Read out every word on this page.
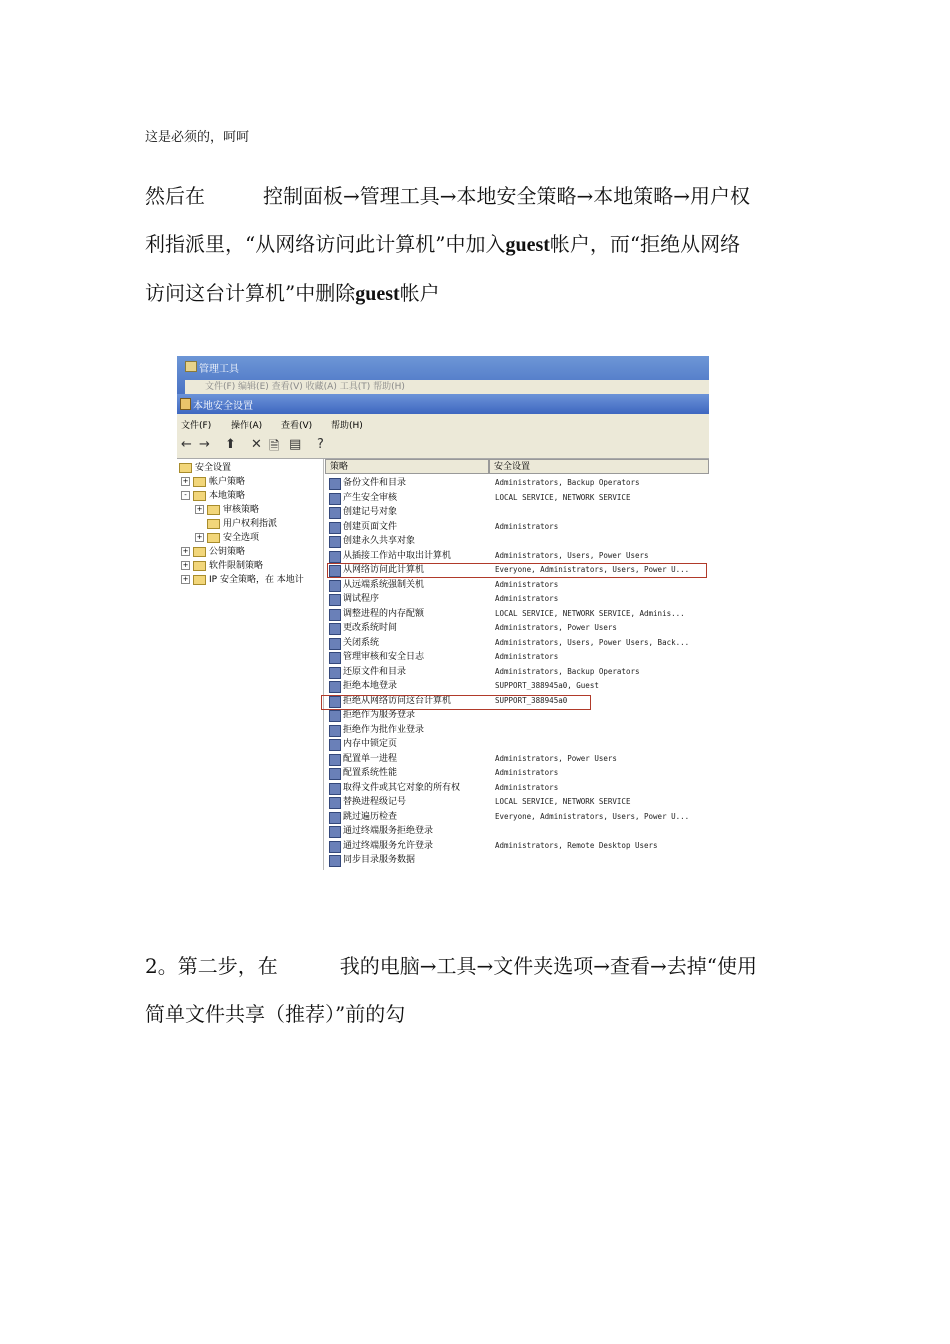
这是必须的，呵呵
然后在	控制面板→管理工具→本地安全策略→本地策略→用户权
利指派里，“从网络访问此计算机”中加入guest帐户，而“拒绝从网络
访问这台计算机”中删除guest帐户
管理工具
文件(F) 编辑(E) 查看(V) 收藏(A) 工具(T) 帮助(H)
本地安全设置
文件(F) 操作(A) 查看(V) 帮助(H)
← → ⬆ ✕ 🗎 ▤ ?
安全设置
+ 帐户策略
- 本地策略
+ 审核策略
用户权利指派
+ 安全选项
+ 公钥策略
+ 软件限制策略
+ IP 安全策略，在 本地计
策略	安全设置
备份文件和目录	Administrators, Backup Operators
产生安全审核	LOCAL SERVICE, NETWORK SERVICE
创建记号对象
创建页面文件	Administrators
创建永久共享对象
从插接工作站中取出计算机	Administrators, Users, Power Users
从网络访问此计算机	Everyone, Administrators, Users, Power U...
从远端系统强制关机	Administrators
调试程序	Administrators
调整进程的内存配额	LOCAL SERVICE, NETWORK SERVICE, Adminis...
更改系统时间	Administrators, Power Users
关闭系统	Administrators, Users, Power Users, Back...
管理审核和安全日志	Administrators
还原文件和目录	Administrators, Backup Operators
拒绝本地登录	SUPPORT_388945a0, Guest
拒绝从网络访问这台计算机	SUPPORT_388945a0
拒绝作为服务登录
拒绝作为批作业登录
内存中锁定页
配置单一进程	Administrators, Power Users
配置系统性能	Administrators
取得文件或其它对象的所有权	Administrators
替换进程级记号	LOCAL SERVICE, NETWORK SERVICE
跳过遍历检查	Everyone, Administrators, Users, Power U...
通过终端服务拒绝登录
通过终端服务允许登录	Administrators, Remote Desktop Users
同步目录服务数据
2。第二步，在	我的电脑→工具→文件夹选项→查看→去掉“使用
简单文件共享（推荐）”前的勾
